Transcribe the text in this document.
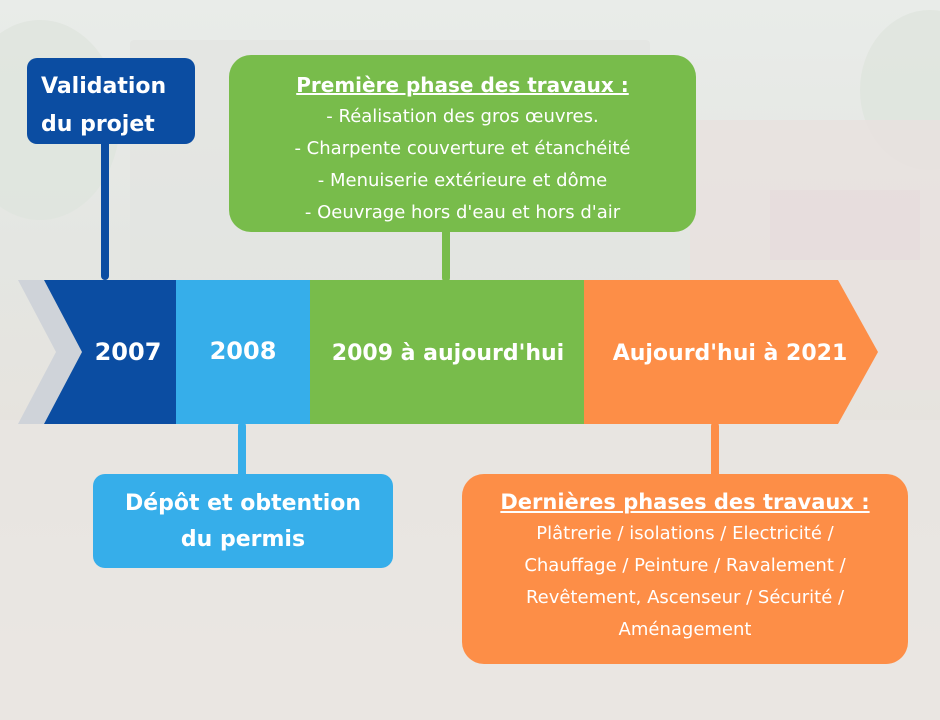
2007 2008	2009 à aujourd'hui Aujourd'hui à 2021
Validation
du projet
Première phase des travaux :
- Réalisation des gros œuvres.
- Charpente couverture et étanchéité
- Menuiserie extérieure et dôme
- Oeuvrage hors d'eau et hors d'air
Dépôt et obtention
du permis
Dernières phases des travaux :
Plâtrerie / isolations / Electricité /
Chauffage / Peinture / Ravalement /
Revêtement, Ascenseur / Sécurité /
Aménagement
